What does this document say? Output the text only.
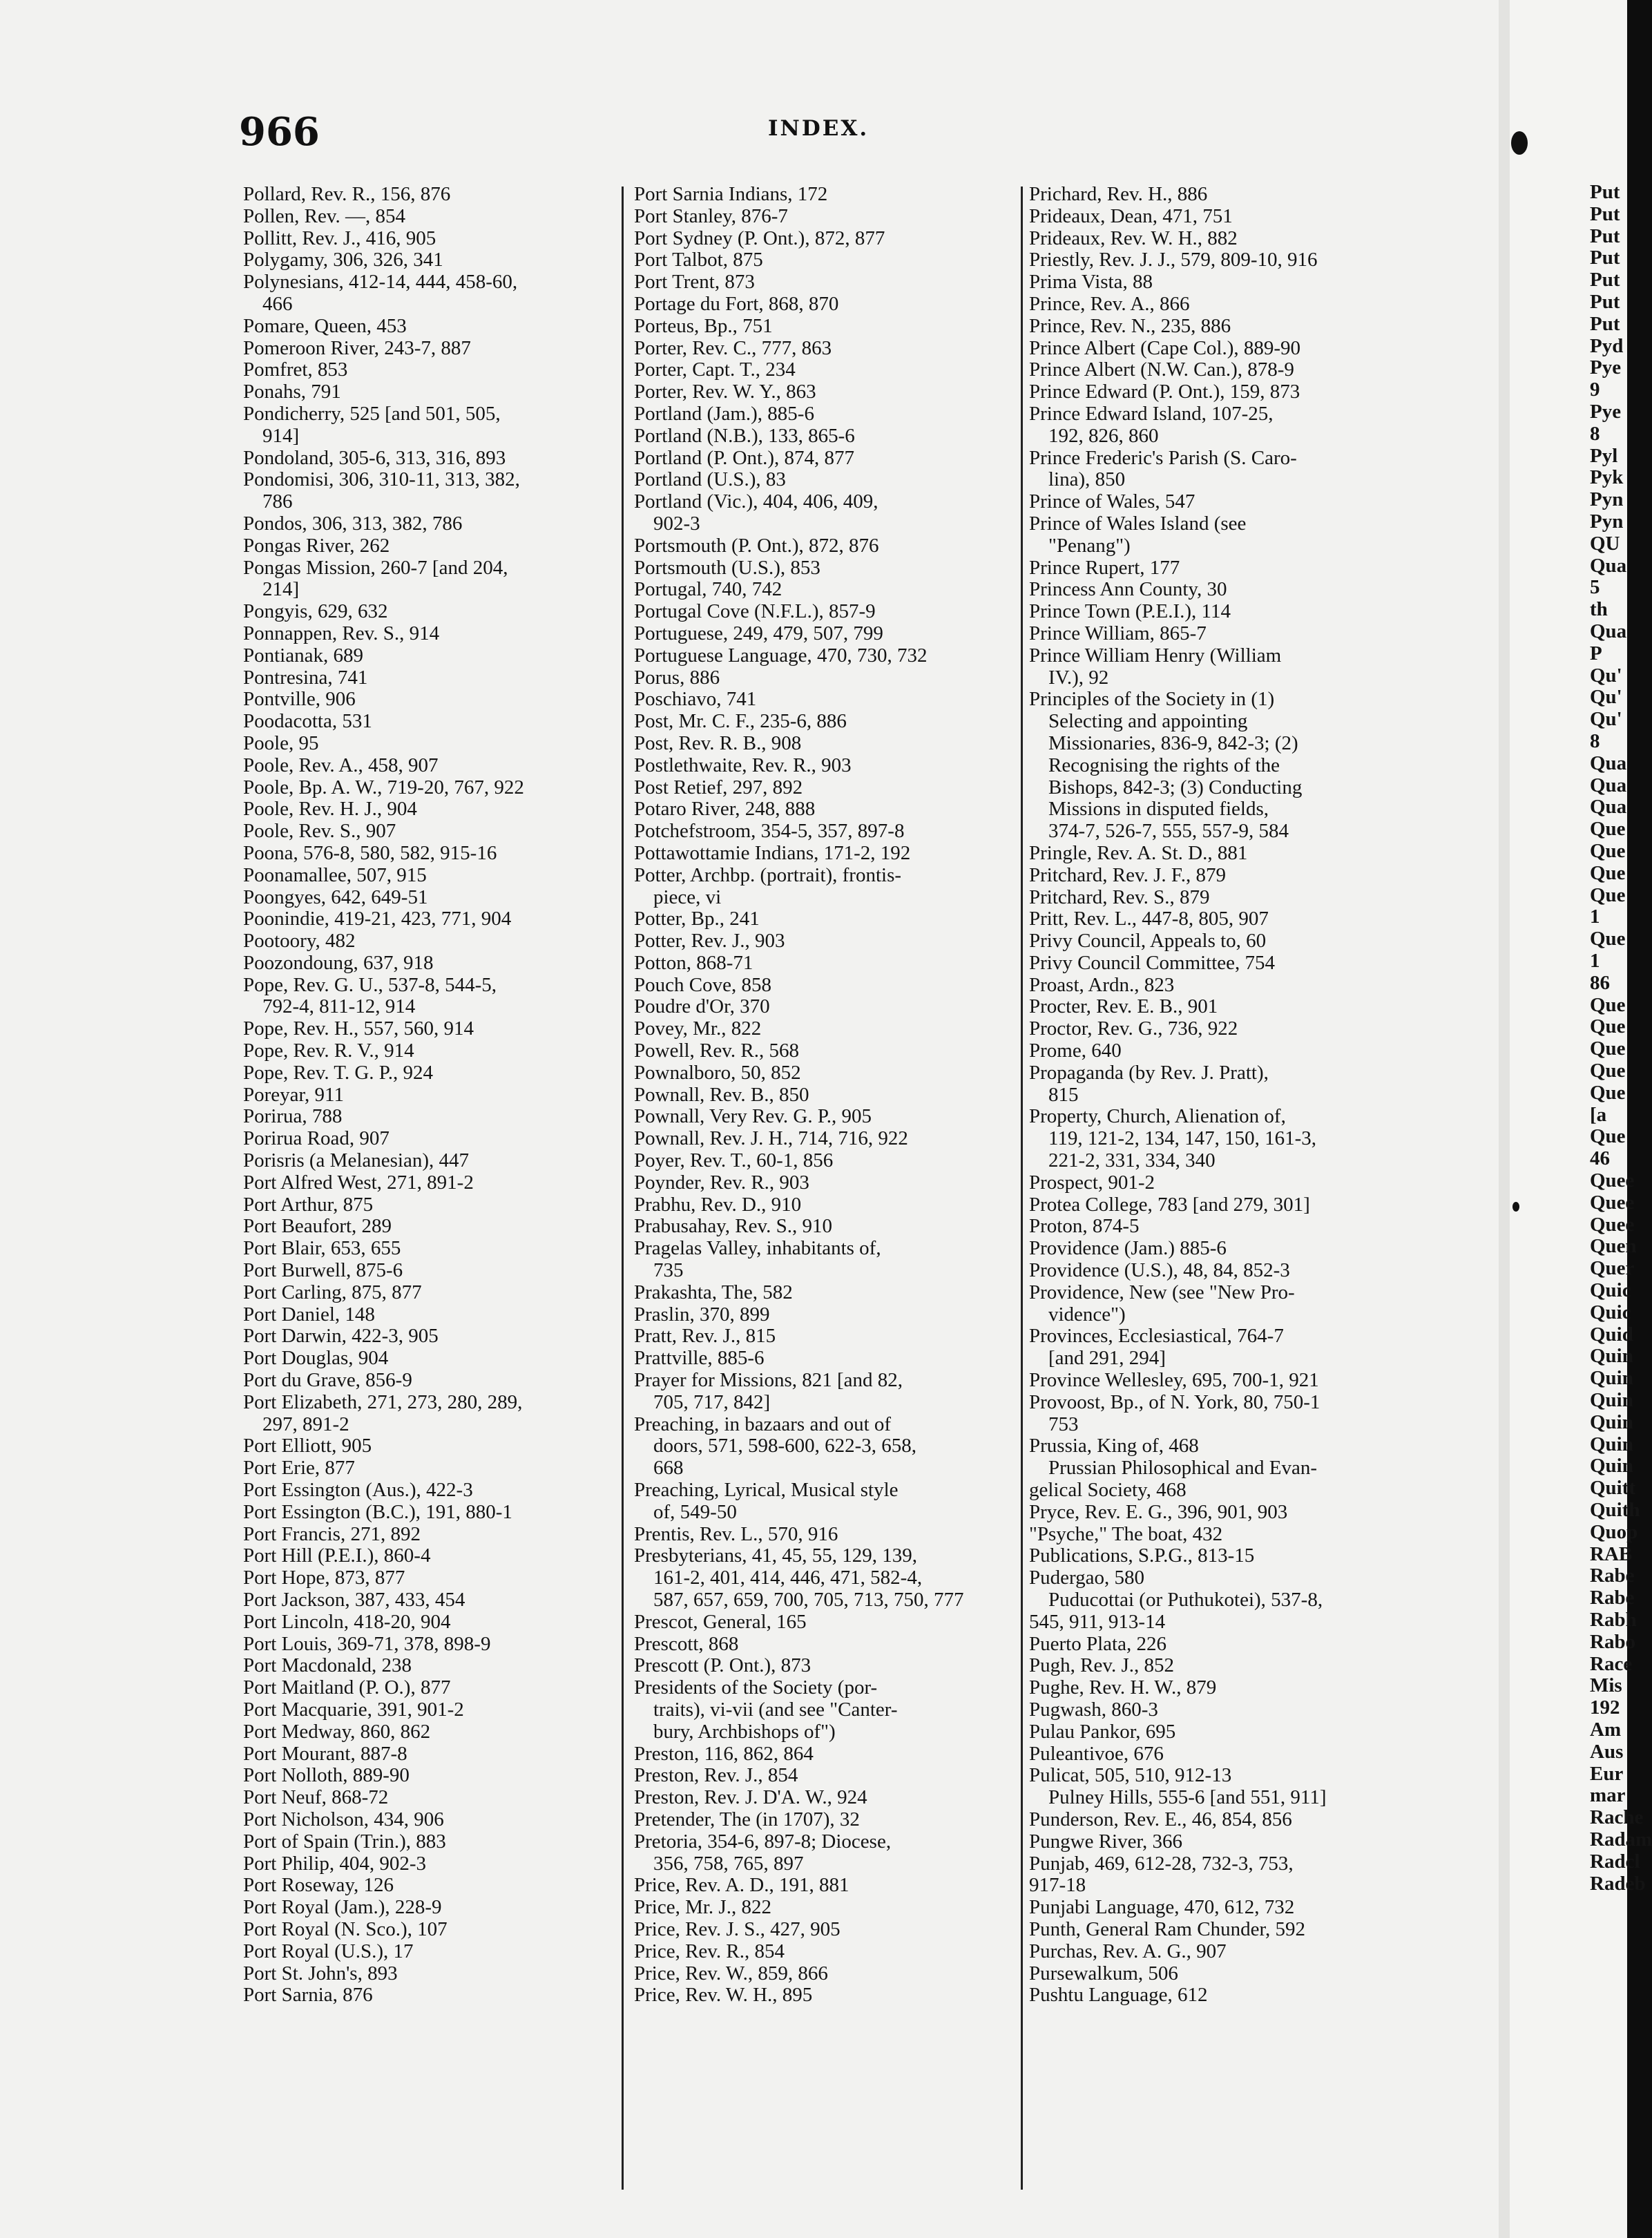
966	INDEX.
Pollard, Rev. R., 156, 876
Pollen, Rev. —, 854
Pollitt, Rev. J., 416, 905
Polygamy, 306, 326, 341
Polynesians, 412-14, 444, 458-60,
466
Pomare, Queen, 453
Pomeroon River, 243-7, 887
Pomfret, 853
Ponahs, 791
Pondicherry, 525 [and 501, 505,
914]
Pondoland, 305-6, 313, 316, 893
Pondomisi, 306, 310-11, 313, 382,
786
Pondos, 306, 313, 382, 786
Pongas River, 262
Pongas Mission, 260-7 [and 204,
214]
Pongyis, 629, 632
Ponnappen, Rev. S., 914
Pontianak, 689
Pontresina, 741
Pontville, 906
Poodacotta, 531
Poole, 95
Poole, Rev. A., 458, 907
Poole, Bp. A. W., 719-20, 767, 922
Poole, Rev. H. J., 904
Poole, Rev. S., 907
Poona, 576-8, 580, 582, 915-16
Poonamallee, 507, 915
Poongyes, 642, 649-51
Poonindie, 419-21, 423, 771, 904
Pootoory, 482
Poozondoung, 637, 918
Pope, Rev. G. U., 537-8, 544-5,
792-4, 811-12, 914
Pope, Rev. H., 557, 560, 914
Pope, Rev. R. V., 914
Pope, Rev. T. G. P., 924
Poreyar, 911
Porirua, 788
Porirua Road, 907
Porisris (a Melanesian), 447
Port Alfred West, 271, 891-2
Port Arthur, 875
Port Beaufort, 289
Port Blair, 653, 655
Port Burwell, 875-6
Port Carling, 875, 877
Port Daniel, 148
Port Darwin, 422-3, 905
Port Douglas, 904
Port du Grave, 856-9
Port Elizabeth, 271, 273, 280, 289,
297, 891-2
Port Elliott, 905
Port Erie, 877
Port Essington (Aus.), 422-3
Port Essington (B.C.), 191, 880-1
Port Francis, 271, 892
Port Hill (P.E.I.), 860-4
Port Hope, 873, 877
Port Jackson, 387, 433, 454
Port Lincoln, 418-20, 904
Port Louis, 369-71, 378, 898-9
Port Macdonald, 238
Port Maitland (P. O.), 877
Port Macquarie, 391, 901-2
Port Medway, 860, 862
Port Mourant, 887-8
Port Nolloth, 889-90
Port Neuf, 868-72
Port Nicholson, 434, 906
Port of Spain (Trin.), 883
Port Philip, 404, 902-3
Port Roseway, 126
Port Royal (Jam.), 228-9
Port Royal (N. Sco.), 107
Port Royal (U.S.), 17
Port St. John's, 893
Port Sarnia, 876
Port Sarnia Indians, 172
Port Stanley, 876-7
Port Sydney (P. Ont.), 872, 877
Port Talbot, 875
Port Trent, 873
Portage du Fort, 868, 870
Porteus, Bp., 751
Porter, Rev. C., 777, 863
Porter, Capt. T., 234
Porter, Rev. W. Y., 863
Portland (Jam.), 885-6
Portland (N.B.), 133, 865-6
Portland (P. Ont.), 874, 877
Portland (U.S.), 83
Portland (Vic.), 404, 406, 409,
902-3
Portsmouth (P. Ont.), 872, 876
Portsmouth (U.S.), 853
Portugal, 740, 742
Portugal Cove (N.F.L.), 857-9
Portuguese, 249, 479, 507, 799
Portuguese Language, 470, 730, 732
Porus, 886
Poschiavo, 741
Post, Mr. C. F., 235-6, 886
Post, Rev. R. B., 908
Postlethwaite, Rev. R., 903
Post Retief, 297, 892
Potaro River, 248, 888
Potchefstroom, 354-5, 357, 897-8
Pottawottamie Indians, 171-2, 192
Potter, Archbp. (portrait), frontis-
piece, vi
Potter, Bp., 241
Potter, Rev. J., 903
Potton, 868-71
Pouch Cove, 858
Poudre d'Or, 370
Povey, Mr., 822
Powell, Rev. R., 568
Pownalboro, 50, 852
Pownall, Rev. B., 850
Pownall, Very Rev. G. P., 905
Pownall, Rev. J. H., 714, 716, 922
Poyer, Rev. T., 60-1, 856
Poynder, Rev. R., 903
Prabhu, Rev. D., 910
Prabusahay, Rev. S., 910
Pragelas Valley, inhabitants of,
735
Prakashta, The, 582
Praslin, 370, 899
Pratt, Rev. J., 815
Prattville, 885-6
Prayer for Missions, 821 [and 82,
705, 717, 842]
Preaching, in bazaars and out of
doors, 571, 598-600, 622-3, 658,
668
Preaching, Lyrical, Musical style
of, 549-50
Prentis, Rev. L., 570, 916
Presbyterians, 41, 45, 55, 129, 139,
161-2, 401, 414, 446, 471, 582-4,
587, 657, 659, 700, 705, 713, 750, 777
Prescot, General, 165
Prescott, 868
Prescott (P. Ont.), 873
Presidents of the Society (por-
traits), vi-vii (and see "Canter-
bury, Archbishops of")
Preston, 116, 862, 864
Preston, Rev. J., 854
Preston, Rev. J. D'A. W., 924
Pretender, The (in 1707), 32
Pretoria, 354-6, 897-8; Diocese,
356, 758, 765, 897
Price, Rev. A. D., 191, 881
Price, Mr. J., 822
Price, Rev. J. S., 427, 905
Price, Rev. R., 854
Price, Rev. W., 859, 866
Price, Rev. W. H., 895
Prichard, Rev. H., 886
Prideaux, Dean, 471, 751
Prideaux, Rev. W. H., 882
Priestly, Rev. J. J., 579, 809-10, 916
Prima Vista, 88
Prince, Rev. A., 866
Prince, Rev. N., 235, 886
Prince Albert (Cape Col.), 889-90
Prince Albert (N.W. Can.), 878-9
Prince Edward (P. Ont.), 159, 873
Prince Edward Island, 107-25,
192, 826, 860
Prince Frederic's Parish (S. Caro-
lina), 850
Prince of Wales, 547
Prince of Wales Island (see
"Penang")
Prince Rupert, 177
Princess Ann County, 30
Prince Town (P.E.I.), 114
Prince William, 865-7
Prince William Henry (William
IV.), 92
Principles of the Society in (1)
Selecting and appointing
Missionaries, 836-9, 842-3; (2)
Recognising the rights of the
Bishops, 842-3; (3) Conducting
Missions in disputed fields,
374-7, 526-7, 555, 557-9, 584
Pringle, Rev. A. St. D., 881
Pritchard, Rev. J. F., 879
Pritchard, Rev. S., 879
Pritt, Rev. L., 447-8, 805, 907
Privy Council, Appeals to, 60
Privy Council Committee, 754
Proast, Ardn., 823
Procter, Rev. E. B., 901
Proctor, Rev. G., 736, 922
Prome, 640
Propaganda (by Rev. J. Pratt),
815
Property, Church, Alienation of,
119, 121-2, 134, 147, 150, 161-3,
221-2, 331, 334, 340
Prospect, 901-2
Protea College, 783 [and 279, 301]
Proton, 874-5
Providence (Jam.) 885-6
Providence (U.S.), 48, 84, 852-3
Providence, New (see "New Pro-
vidence")
Provinces, Ecclesiastical, 764-7
[and 291, 294]
Province Wellesley, 695, 700-1, 921
Provoost, Bp., of N. York, 80, 750-1
753
Prussia, King of, 468
Prussian Philosophical and Evan-
gelical Society, 468
Pryce, Rev. E. G., 396, 901, 903
"Psyche," The boat, 432
Publications, S.P.G., 813-15
Pudergao, 580
Puducottai (or Puthukotei), 537-8,
545, 911, 913-14
Puerto Plata, 226
Pugh, Rev. J., 852
Pughe, Rev. H. W., 879
Pugwash, 860-3
Pulau Pankor, 695
Puleantivoe, 676
Pulicat, 505, 510, 912-13
Pulney Hills, 555-6 [and 551, 911]
Punderson, Rev. E., 46, 854, 856
Pungwe River, 366
Punjab, 469, 612-28, 732-3, 753,
917-18
Punjabi Language, 470, 612, 732
Punth, General Ram Chunder, 592
Purchas, Rev. A. G., 907
Pursewalkum, 506
Pushtu Language, 612
Put
Put
Put
Put
Put
Put
Put
Pyd
Pye
9
Pye
8
Pyl
Pyk
Pyn
Pyn
QU
Qua
5
th
Qua
P
Qu'
Qu'
Qu'
8
Qua
Qua
Qua
Que
Que
Que
Que
1
Que
1
86
Que
Que
Que
Que
Que
[a
Que
46
Quee
Quee
Quee
Quen
Quer
Quic
Quic
Quid
Quin
Quin
Quin
Quin
Quin
Quin
Quitt
Quith
Quop
RAB
Rabe
Rabe
Rabh
Rabo
Race
Mis
192
Am
Aus
Eur
mar
Rache
Radam
Radcl
Radeb
